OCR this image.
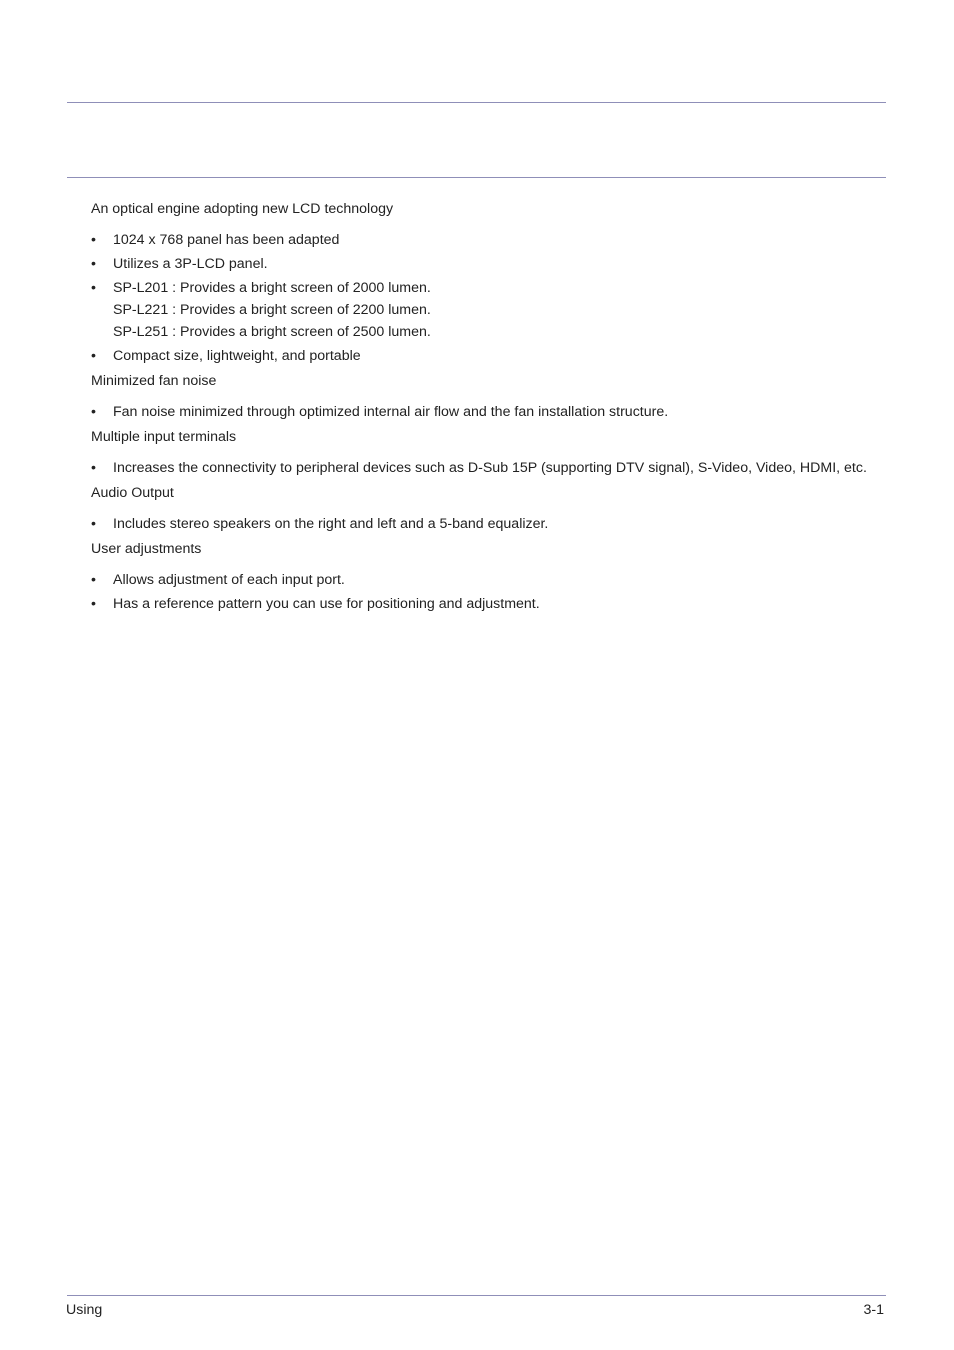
An optical engine adopting new LCD technology
• 1024 x 768 panel has been adapted
• Utilizes a 3P-LCD panel.
• SP-L201 : Provides a bright screen of 2000 lumen.
SP-L221 : Provides a bright screen of 2200 lumen.
SP-L251 : Provides a bright screen of 2500 lumen.
• Compact size, lightweight, and portable
Minimized fan noise
• Fan noise minimized through optimized internal air flow and the fan installation structure.
Multiple input terminals
• Increases the connectivity to peripheral devices such as D-Sub 15P (supporting DTV signal), S-Video, Video, HDMI, etc.
Audio Output
• Includes stereo speakers on the right and left and a 5-band equalizer.
User adjustments
• Allows adjustment of each input port.
• Has a reference pattern you can use for positioning and adjustment.
Using	3-1
